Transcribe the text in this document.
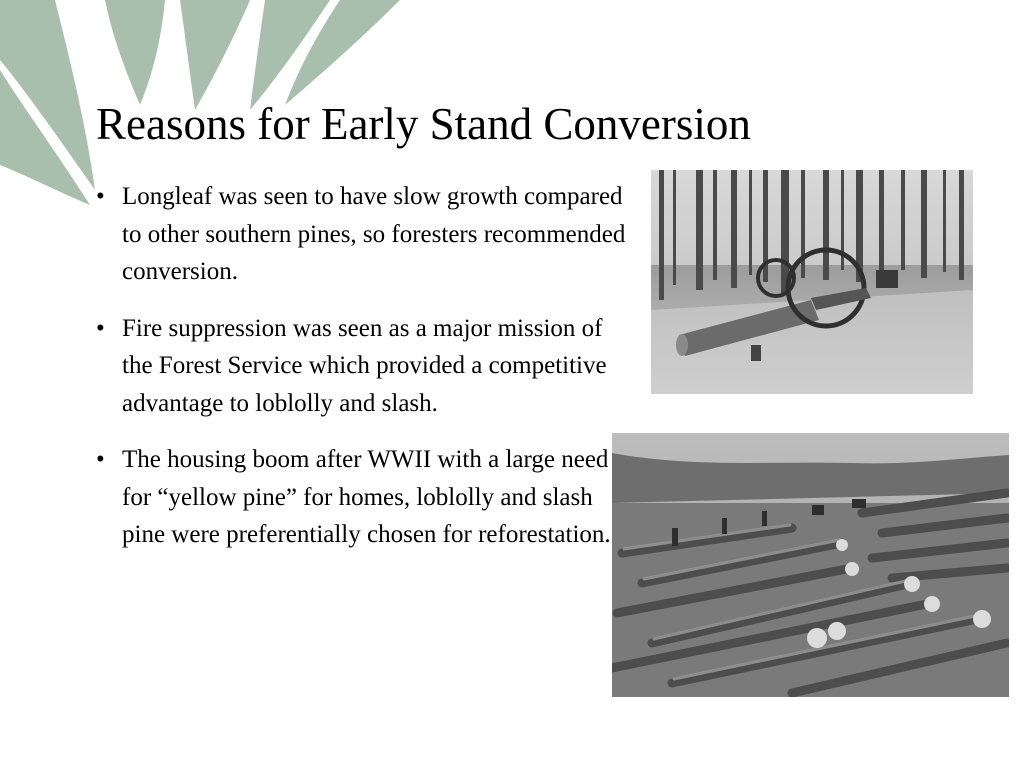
Reasons for Early Stand Conversion
• Longleaf was seen to have slow growth compared to other southern pines, so foresters recommended conversion.
• Fire suppression was seen as a major mission of the Forest Service which provided a competitive advantage to loblolly and slash.
• The housing boom after WWII with a large need for “yellow pine” for homes, loblolly and slash pine were preferentially chosen for reforestation.
